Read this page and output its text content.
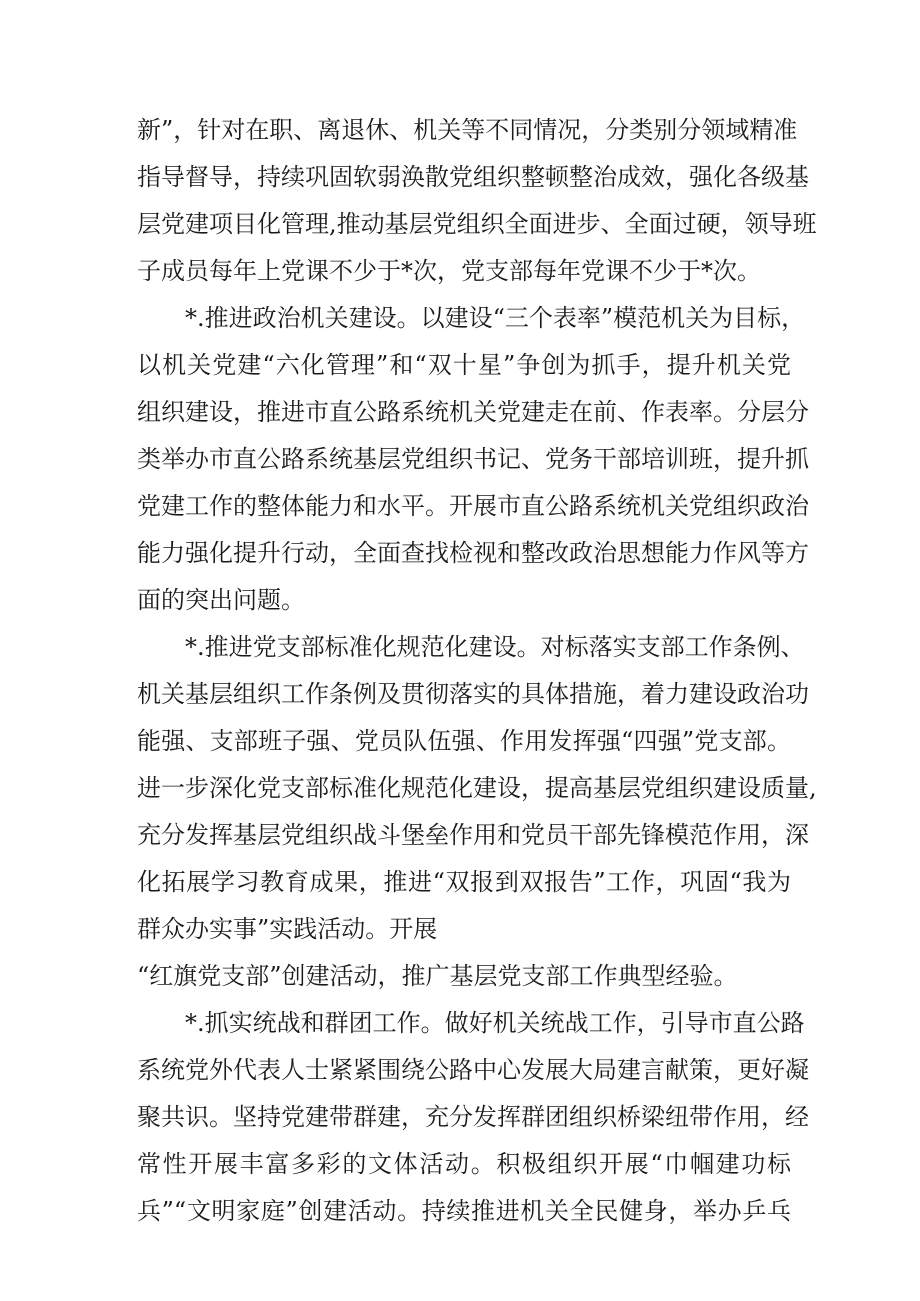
新”，针对在职、离退休、机关等不同情况，分类别分领域精准
指导督导，持续巩固软弱涣散党组织整顿整治成效，强化各级基
层党建项目化管理,推动基层党组织全面进步、全面过硬，领导班
子成员每年上党课不少于*次，党支部每年党课不少于*次。
*.推进政治机关建设。以建设“三个表率”模范机关为目标，
以机关党建“六化管理”和“双十星”争创为抓手，提升机关党
组织建设，推进市直公路系统机关党建走在前、作表率。分层分
类举办市直公路系统基层党组织书记、党务干部培训班，提升抓
党建工作的整体能力和水平。开展市直公路系统机关党组织政治
能力强化提升行动，全面查找检视和整改政治思想能力作风等方
面的突出问题。
*.推进党支部标准化规范化建设。对标落实支部工作条例、
机关基层组织工作条例及贯彻落实的具体措施，着力建设政治功
能强、支部班子强、党员队伍强、作用发挥强“四强”党支部。
进一步深化党支部标准化规范化建设，提高基层党组织建设质量,
充分发挥基层党组织战斗堡垒作用和党员干部先锋模范作用，深
化拓展学习教育成果，推进“双报到双报告”工作，巩固“我为
群众办实事”实践活动。开展
“红旗党支部”创建活动，推广基层党支部工作典型经验。
*.抓实统战和群团工作。做好机关统战工作，引导市直公路
系统党外代表人士紧紧围绕公路中心发展大局建言献策，更好凝
聚共识。坚持党建带群建，充分发挥群团组织桥梁纽带作用，经
常性开展丰富多彩的文体活动。积极组织开展“巾帼建功标
兵”“文明家庭”创建活动。持续推进机关全民健身，举办乒乓
